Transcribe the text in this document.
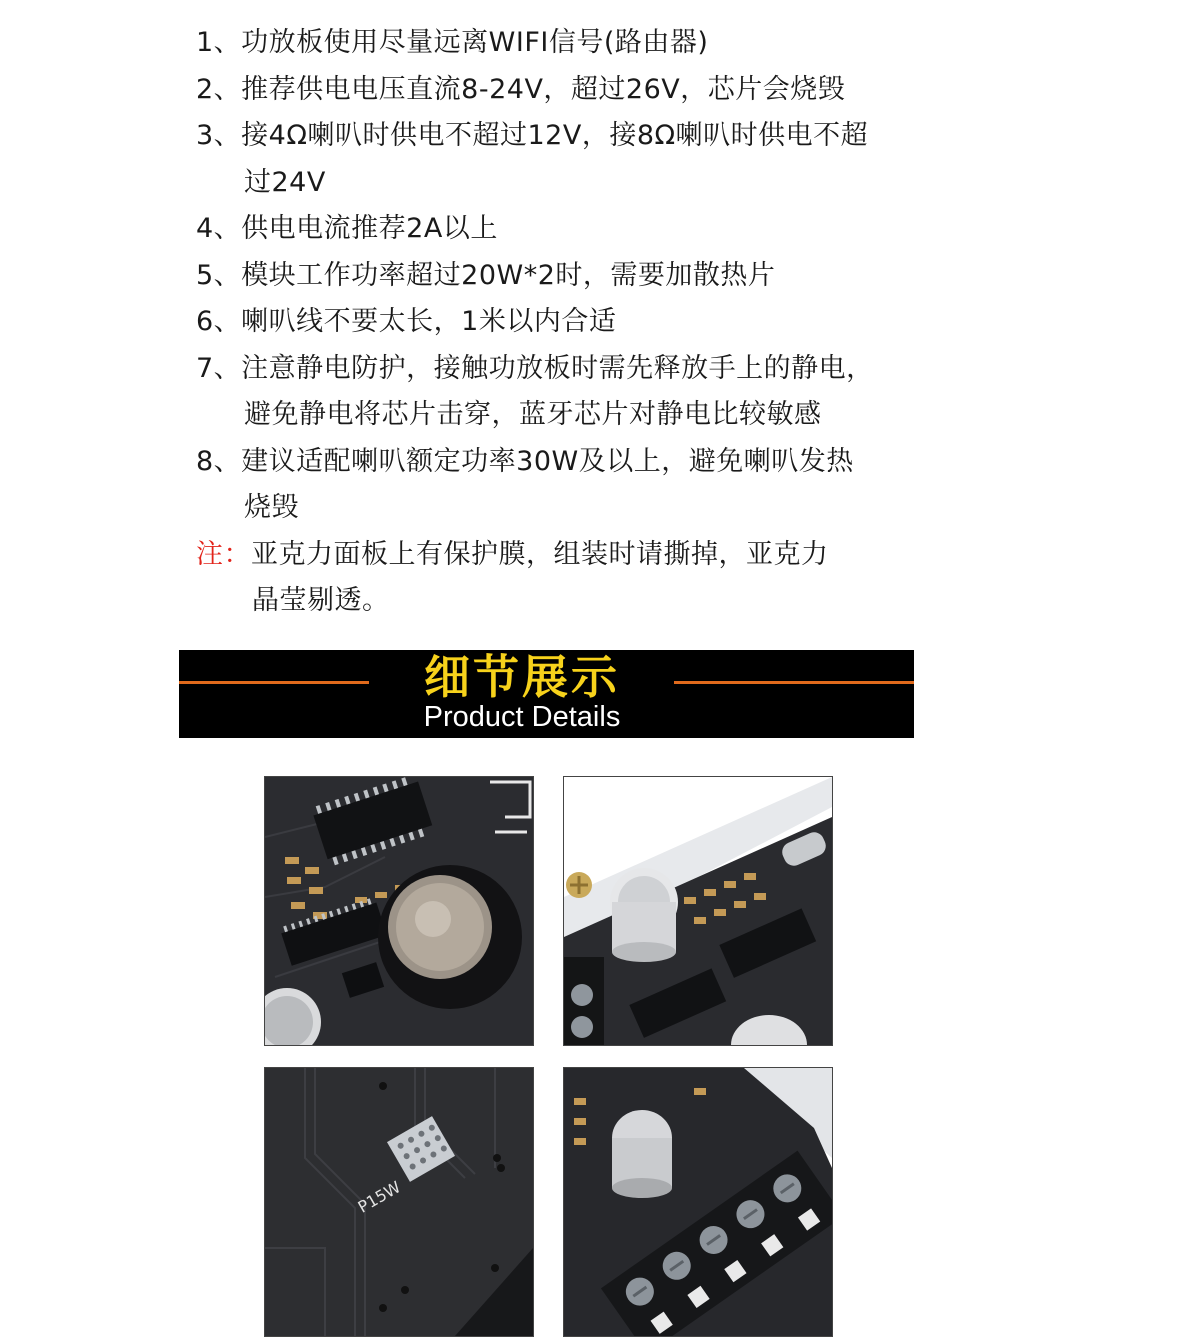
1、功放板使用尽量远离WIFI信号(路由器)
2、推荐供电电压直流8-24V，超过26V，芯片会烧毁
3、接4Ω喇叭时供电不超过12V，接8Ω喇叭时供电不超
过24V
4、供电电流推荐2A以上
5、模块工作功率超过20W*2时，需要加散热片
6、喇叭线不要太长，1米以内合适
7、注意静电防护，接触功放板时需先释放手上的静电，
避免静电将芯片击穿，蓝牙芯片对静电比较敏感
8、建议适配喇叭额定功率30W及以上，避免喇叭发热
烧毁
注：亚克力面板上有保护膜，组装时请撕掉，亚克力
晶莹剔透。
细节展示
Product Details
P15W
